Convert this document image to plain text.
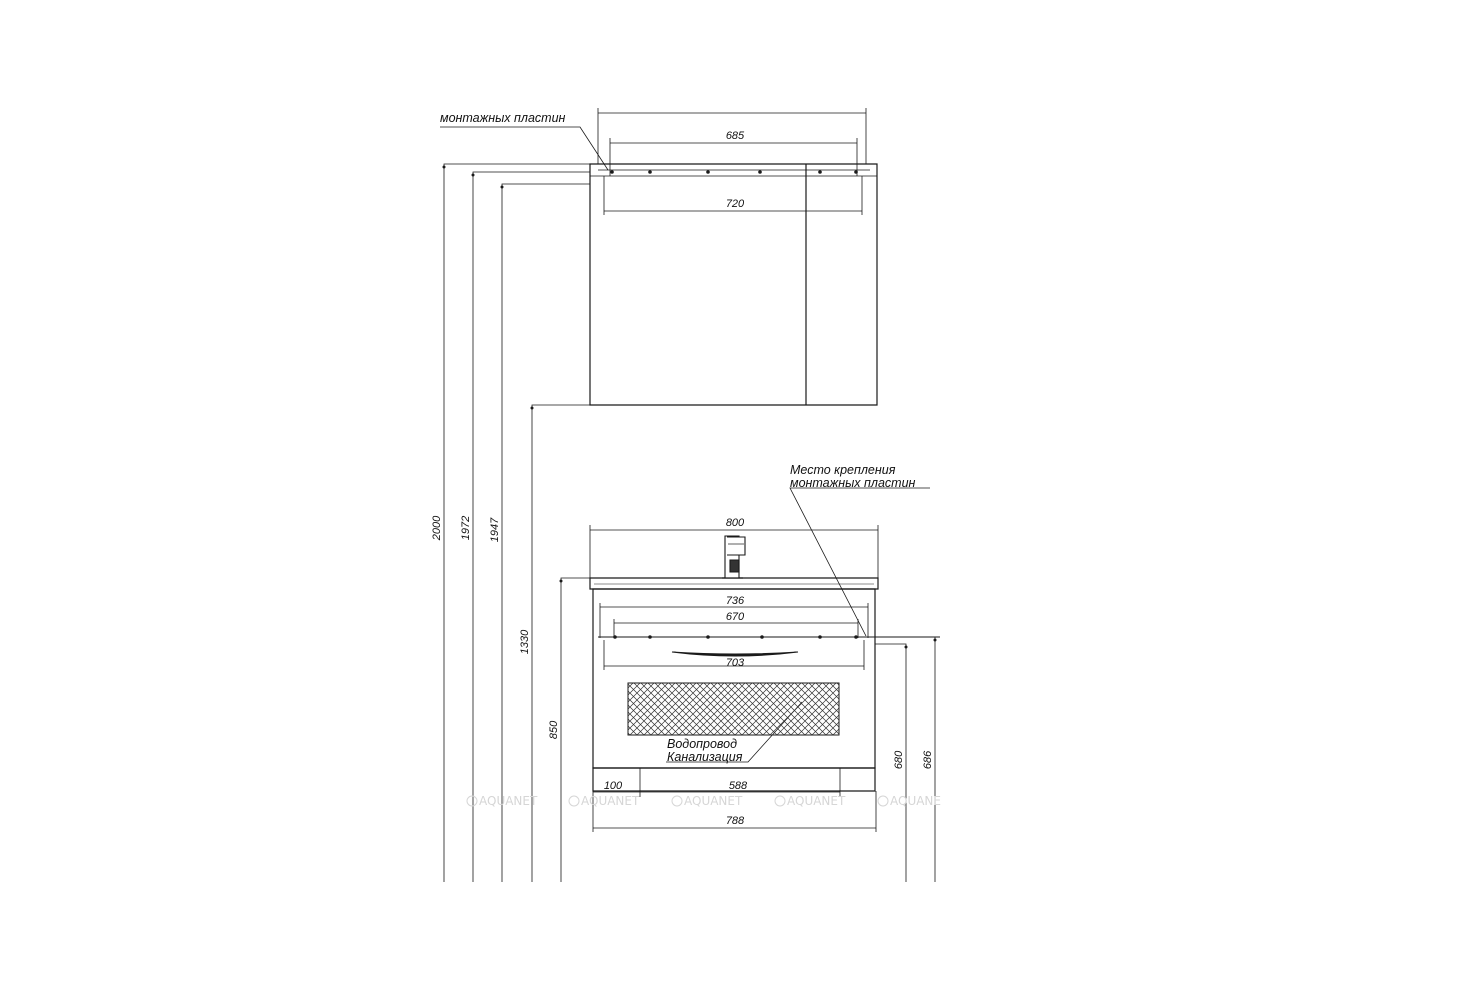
монтажных пластин
685
720
Место крепления
монтажных пластин
800
736
670
703
Водопровод
Канализация
100	588
788
2000 1972 1947
1330
850
680 686
AQUANET	AQUANET	AQUANET	AQUANET	AQUANE
